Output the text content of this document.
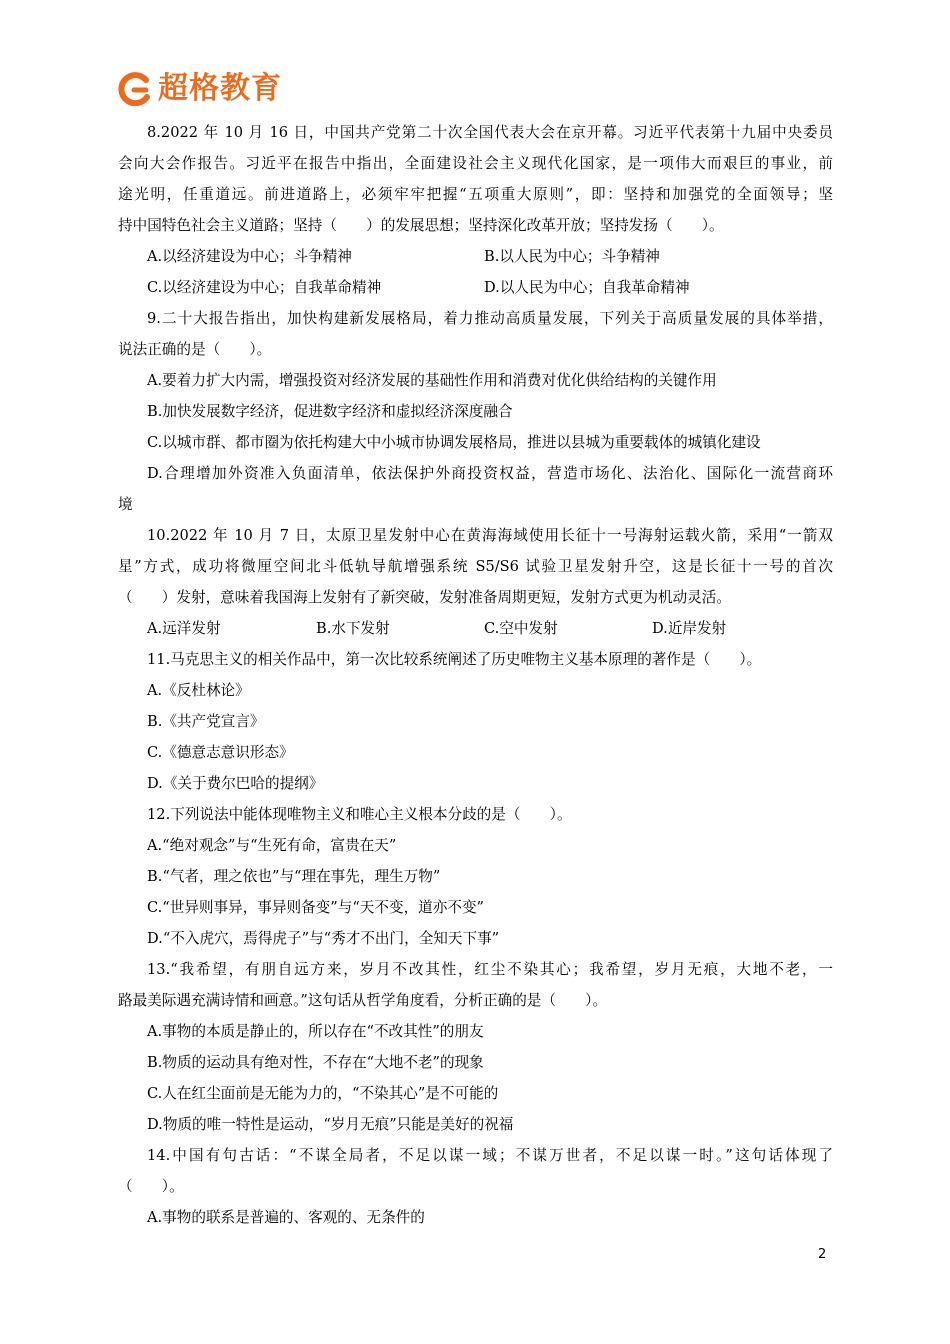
超格教育
8.2022 年 10 月 16 日，中国共产党第二十次全国代表大会在京开幕。习近平代表第十九届中央委员
会向大会作报告。习近平在报告中指出，全面建设社会主义现代化国家，是一项伟大而艰巨的事业，前
途光明，任重道远。前进道路上，必须牢牢把握“五项重大原则”，即：坚持和加强党的全面领导；坚
持中国特色社会主义道路；坚持（　　）的发展思想；坚持深化改革开放；坚持发扬（　　）。
A.以经济建设为中心；斗争精神	B.以人民为中心；斗争精神
C.以经济建设为中心；自我革命精神	D.以人民为中心；自我革命精神
9.二十大报告指出，加快构建新发展格局，着力推动高质量发展，下列关于高质量发展的具体举措，
说法正确的是（　　）。
A.要着力扩大内需，增强投资对经济发展的基础性作用和消费对优化供给结构的关键作用
B.加快发展数字经济，促进数字经济和虚拟经济深度融合
C.以城市群、都市圈为依托构建大中小城市协调发展格局，推进以县城为重要载体的城镇化建设
D.合理增加外资准入负面清单，依法保护外商投资权益，营造市场化、法治化、国际化一流营商环
境
10.2022 年 10 月 7 日，太原卫星发射中心在黄海海域使用长征十一号海射运载火箭，采用“一箭双
星”方式，成功将微厘空间北斗低轨导航增强系统 S5/S6 试验卫星发射升空，这是长征十一号的首次
（　　）发射，意味着我国海上发射有了新突破，发射准备周期更短，发射方式更为机动灵活。
A.远洋发射	B.水下发射	C.空中发射	D.近岸发射
11.马克思主义的相关作品中，第一次比较系统阐述了历史唯物主义基本原理的著作是（　　）。
A.《反杜林论》
B.《共产党宣言》
C.《德意志意识形态》
D.《关于费尔巴哈的提纲》
12.下列说法中能体现唯物主义和唯心主义根本分歧的是（　　）。
A.“绝对观念”与“生死有命，富贵在天”
B.“气者，理之依也”与“理在事先，理生万物”
C.“世异则事异，事异则备变”与“天不变，道亦不变”
D.“不入虎穴，焉得虎子”与“秀才不出门，全知天下事”
13.“我希望，有朋自远方来，岁月不改其性，红尘不染其心；我希望，岁月无痕，大地不老，一
路最美际遇充满诗情和画意。”这句话从哲学角度看，分析正确的是（　　）。
A.事物的本质是静止的，所以存在“不改其性”的朋友
B.物质的运动具有绝对性，不存在“大地不老”的现象
C.人在红尘面前是无能为力的，“不染其心”是不可能的
D.物质的唯一特性是运动，“岁月无痕”只能是美好的祝福
14.中国有句古话：“不谋全局者，不足以谋一域；不谋万世者，不足以谋一时。”这句话体现了
（　　）。
A.事物的联系是普遍的、客观的、无条件的
2
